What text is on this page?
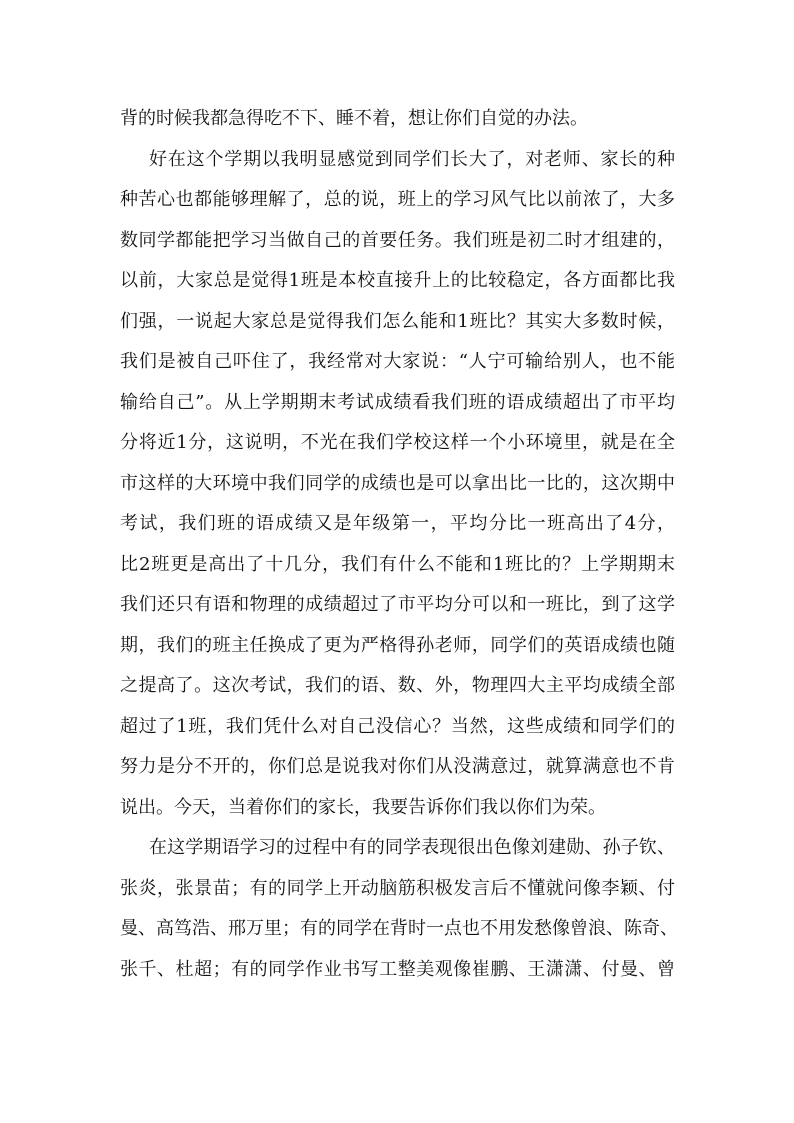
背的时候我都急得吃不下、睡不着，想让你们自觉的办法。
好在这个学期以我明显感觉到同学们长大了，对老师、家长的种
种苦心也都能够理解了，总的说，班上的学习风气比以前浓了，大多
数同学都能把学习当做自己的首要任务。我们班是初二时才组建的，
以前，大家总是觉得1班是本校直接升上的比较稳定，各方面都比我
们强，一说起大家总是觉得我们怎么能和1班比？其实大多数时候，
我们是被自己吓住了，我经常对大家说：“人宁可输给别人，也不能
输给自己”。从上学期期末考试成绩看我们班的语成绩超出了市平均
分将近1分，这说明，不光在我们学校这样一个小环境里，就是在全
市这样的大环境中我们同学的成绩也是可以拿出比一比的，这次期中
考试，我们班的语成绩又是年级第一，平均分比一班高出了4分，
比2班更是高出了十几分，我们有什么不能和1班比的？上学期期末
我们还只有语和物理的成绩超过了市平均分可以和一班比，到了这学
期，我们的班主任换成了更为严格得孙老师，同学们的英语成绩也随
之提高了。这次考试，我们的语、数、外，物理四大主平均成绩全部
超过了1班，我们凭什么对自己没信心？当然，这些成绩和同学们的
努力是分不开的，你们总是说我对你们从没满意过，就算满意也不肯
说出。今天，当着你们的家长，我要告诉你们我以你们为荣。
在这学期语学习的过程中有的同学表现很出色像刘建勋、孙子钦、
张炎，张景苗；有的同学上开动脑筋积极发言后不懂就问像李颖、付
曼、高笃浩、邢万里；有的同学在背时一点也不用发愁像曾浪、陈奇、
张千、杜超；有的同学作业书写工整美观像崔鹏、王潇潇、付曼、曾
